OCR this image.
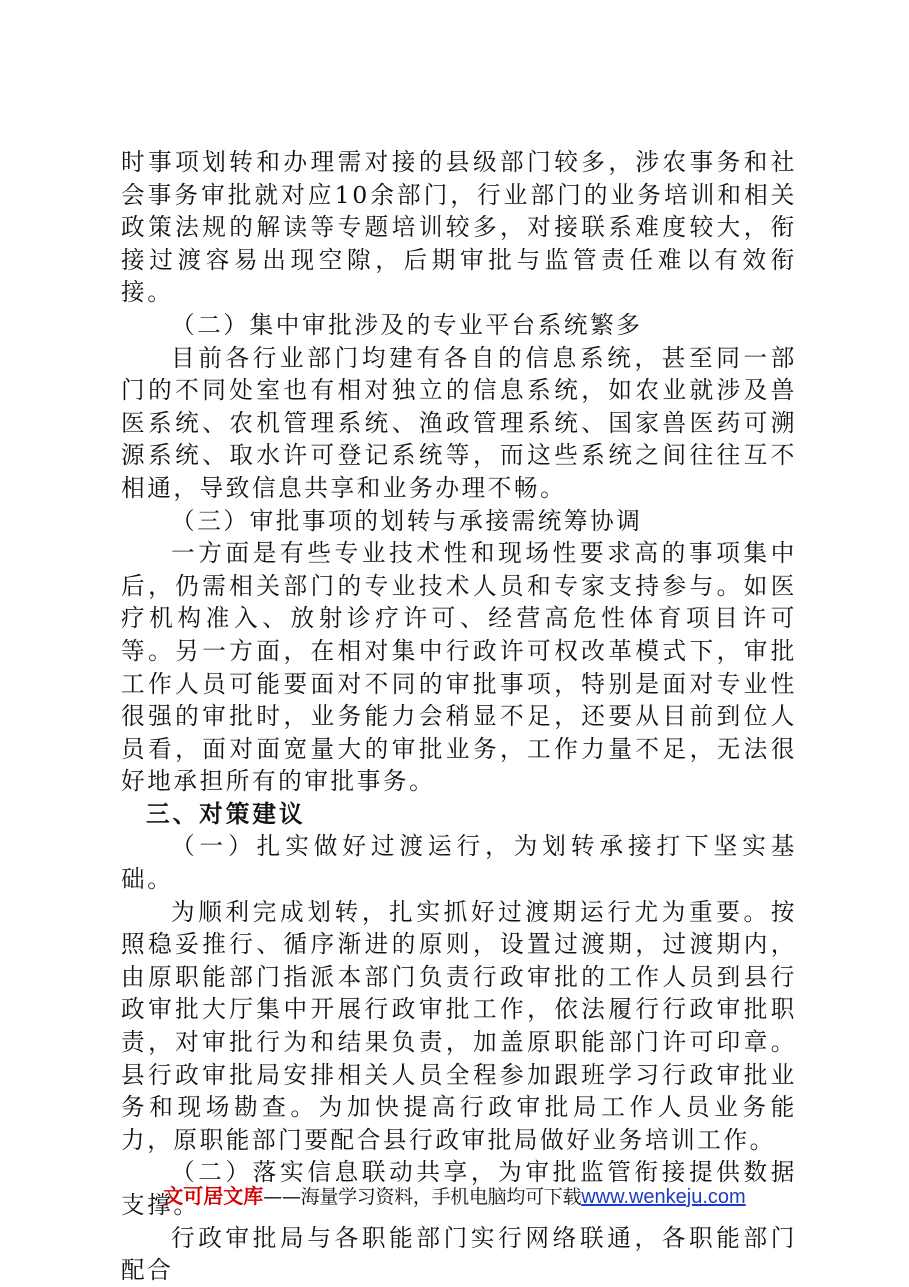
时事项划转和办理需对接的县级部门较多，涉农事务和社会事务审批就对应10余部门，行业部门的业务培训和相关政策法规的解读等专题培训较多，对接联系难度较大，衔接过渡容易出现空隙，后期审批与监管责任难以有效衔接。

（二）集中审批涉及的专业平台系统繁多

目前各行业部门均建有各自的信息系统，甚至同一部门的不同处室也有相对独立的信息系统，如农业就涉及兽医系统、农机管理系统、渔政管理系统、国家兽医药可溯源系统、取水许可登记系统等，而这些系统之间往往互不相通，导致信息共享和业务办理不畅。

（三）审批事项的划转与承接需统筹协调

一方面是有些专业技术性和现场性要求高的事项集中后，仍需相关部门的专业技术人员和专家支持参与。如医疗机构准入、放射诊疗许可、经营高危性体育项目许可等。另一方面，在相对集中行政许可权改革模式下，审批工作人员可能要面对不同的审批事项，特别是面对专业性很强的审批时，业务能力会稍显不足，还要从目前到位人员看，面对面宽量大的审批业务，工作力量不足，无法很好地承担所有的审批事务。

三、对策建议

（一）扎实做好过渡运行，为划转承接打下坚实基础。

为顺利完成划转，扎实抓好过渡期运行尤为重要。按照稳妥推行、循序渐进的原则，设置过渡期，过渡期内，由原职能部门指派本部门负责行政审批的工作人员到县行政审批大厅集中开展行政审批工作，依法履行行政审批职责，对审批行为和结果负责，加盖原职能部门许可印章。县行政审批局安排相关人员全程参加跟班学习行政审批业务和现场勘查。为加快提高行政审批局工作人员业务能力，原职能部门要配合县行政审批局做好业务培训工作。

（二）落实信息联动共享，为审批监管衔接提供数据支撑。

行政审批局与各职能部门实行网络联通，各职能部门配合

文可居文库——海量学习资料，手机电脑均可下载www.wenkeju.com
